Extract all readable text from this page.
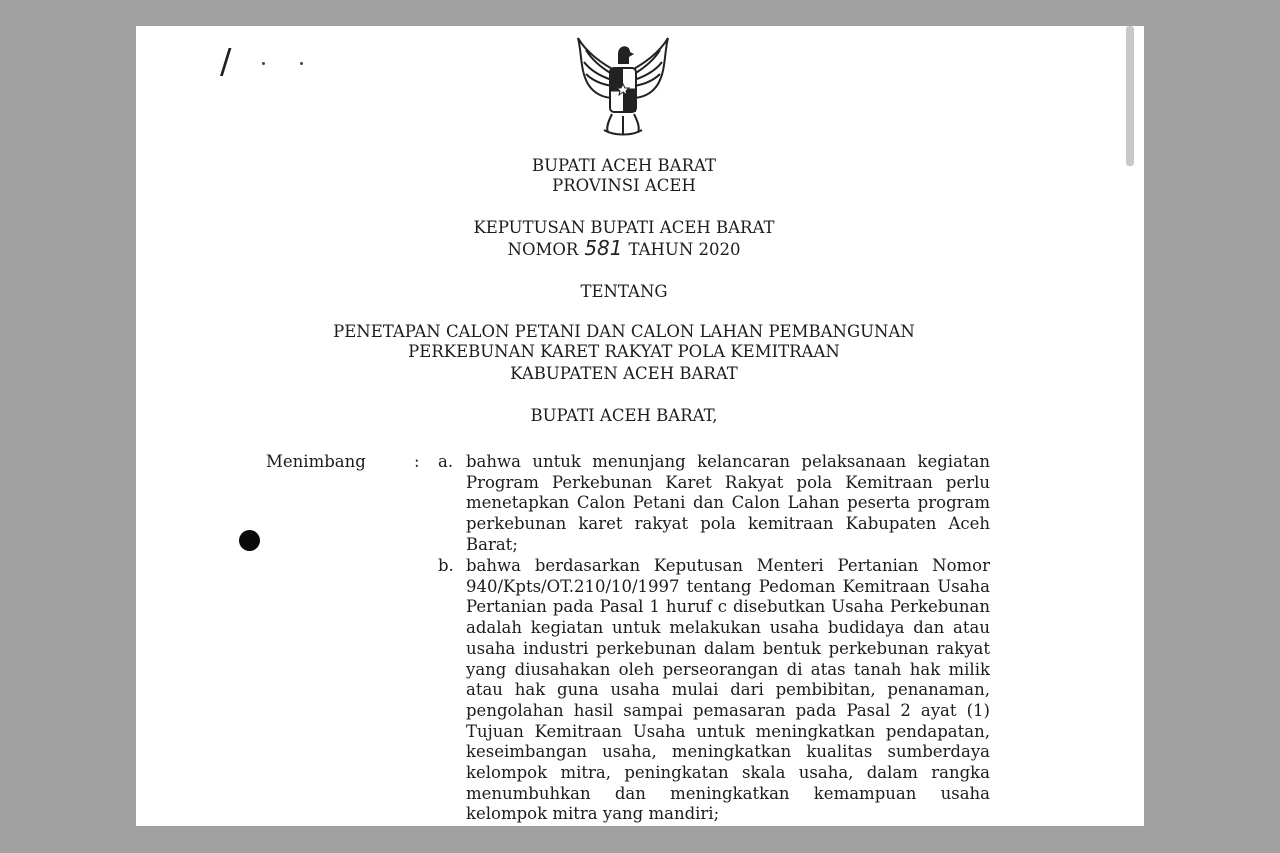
/
BUPATI ACEH BARAT
PROVINSI ACEH
KEPUTUSAN BUPATI ACEH BARAT
NOMOR 581 TAHUN 2020
TENTANG
PENETAPAN CALON PETANI DAN CALON LAHAN PEMBANGUNAN
PERKEBUNAN KARET RAKYAT POLA KEMITRAAN
KABUPATEN ACEH BARAT
BUPATI ACEH BARAT,
Menimbang	: a. bahwa untuk menunjang kelancaran pelaksanaan kegiatan Program Perkebunan Karet Rakyat pola Kemitraan perlu menetapkan Calon Petani dan Calon Lahan peserta program perkebunan karet rakyat pola kemitraan Kabupaten Aceh Barat;
b. bahwa berdasarkan Keputusan Menteri Pertanian Nomor 940/Kpts/OT.210/10/1997 tentang Pedoman Kemitraan Usaha Pertanian pada Pasal 1 huruf c disebutkan Usaha Perkebunan adalah kegiatan untuk melakukan usaha budidaya dan atau usaha industri perkebunan dalam bentuk perkebunan rakyat yang diusahakan oleh perseorangan di atas tanah hak milik atau hak guna usaha mulai dari pembibitan, penanaman, pengolahan hasil sampai pemasaran pada Pasal 2 ayat (1) Tujuan Kemitraan Usaha untuk meningkatkan pendapatan, keseimbangan usaha, meningkatkan kualitas sumberdaya kelompok mitra, peningkatan skala usaha, dalam rangka menumbuhkan dan meningkatkan kemampuan usaha kelompok mitra yang mandiri;
